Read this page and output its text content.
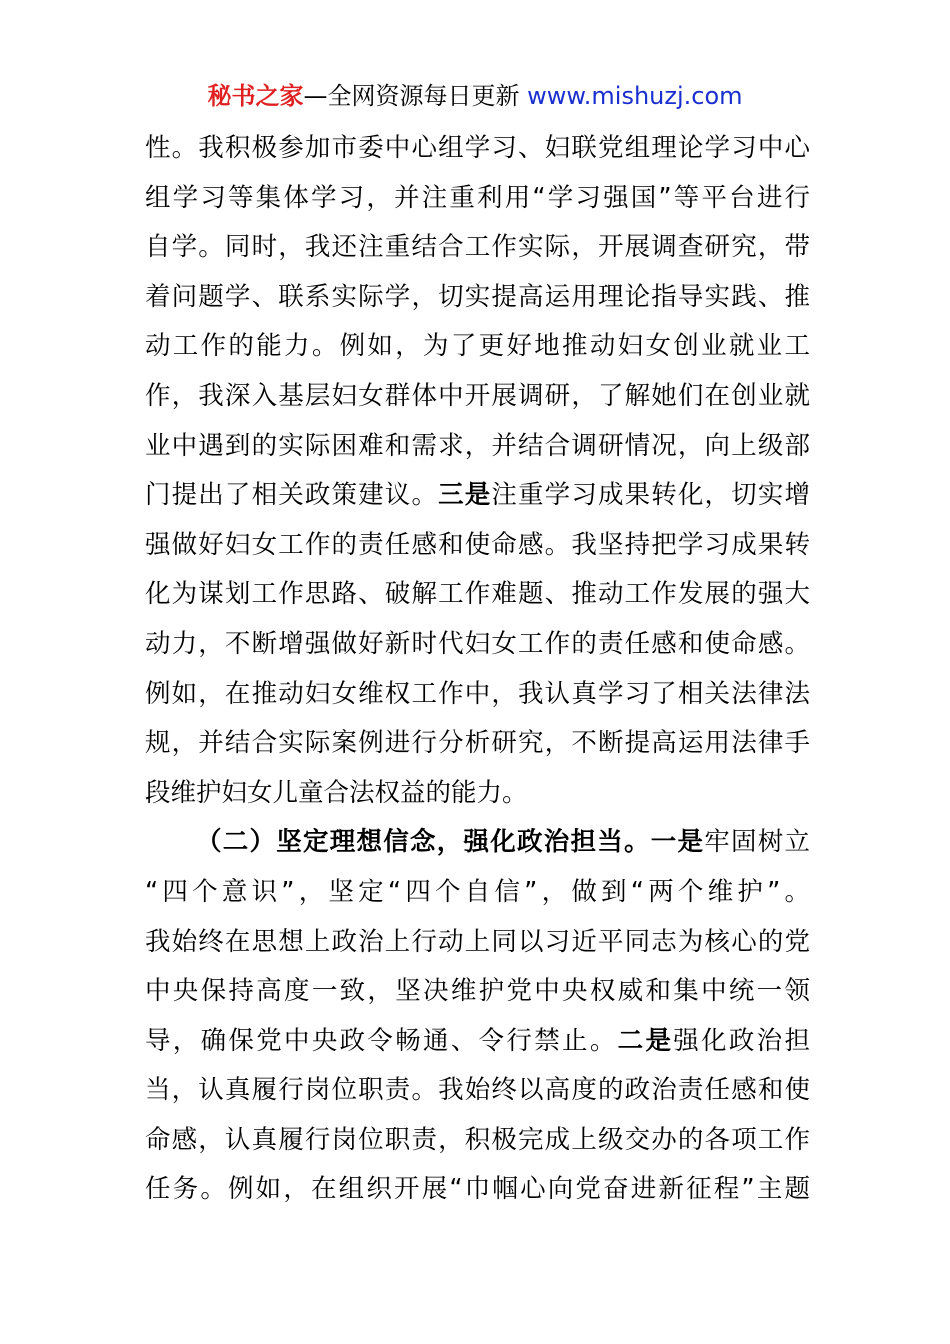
秘书之家—全网资源每日更新 www.mishuzj.com
性。我积极参加市委中心组学习、妇联党组理论学习中心
组学习等集体学习，并注重利用“学习强国”等平台进行
自学。同时，我还注重结合工作实际，开展调查研究，带
着问题学、联系实际学，切实提高运用理论指导实践、推
动工作的能力。例如，为了更好地推动妇女创业就业工
作，我深入基层妇女群体中开展调研，了解她们在创业就
业中遇到的实际困难和需求，并结合调研情况，向上级部
门提出了相关政策建议。三是注重学习成果转化，切实增
强做好妇女工作的责任感和使命感。我坚持把学习成果转
化为谋划工作思路、破解工作难题、推动工作发展的强大
动力，不断增强做好新时代妇女工作的责任感和使命感。
例如，在推动妇女维权工作中，我认真学习了相关法律法
规，并结合实际案例进行分析研究，不断提高运用法律手
段维护妇女儿童合法权益的能力。
（二）坚定理想信念，强化政治担当。一是牢固树立
“四个意识”，坚定“四个自信”，做到“两个维护”。
我始终在思想上政治上行动上同以习近平同志为核心的党
中央保持高度一致，坚决维护党中央权威和集中统一领
导，确保党中央政令畅通、令行禁止。二是强化政治担
当，认真履行岗位职责。我始终以高度的政治责任感和使
命感，认真履行岗位职责，积极完成上级交办的各项工作
任务。例如，在组织开展“巾帼心向党奋进新征程”主题
